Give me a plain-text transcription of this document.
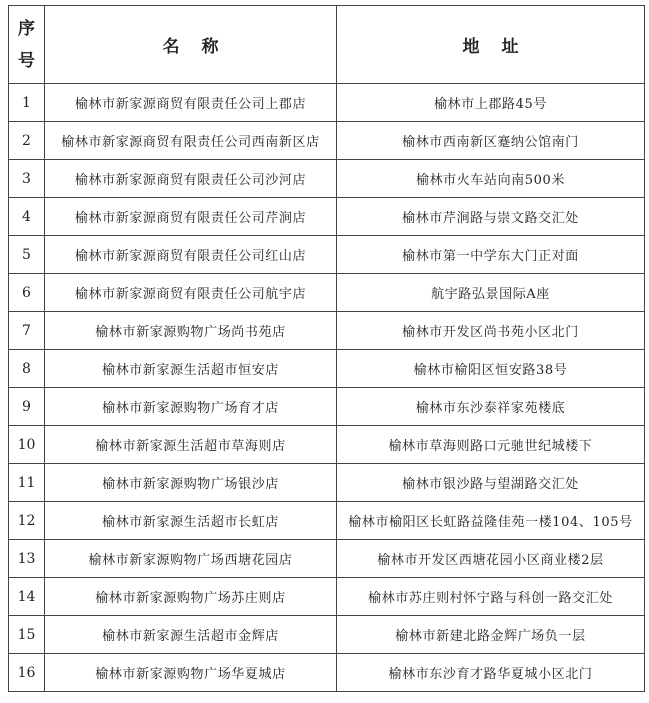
序
号	名称	地址
1	榆林市新家源商贸有限责任公司上郡店	榆林市上郡路45号
2	榆林市新家源商贸有限责任公司西南新区店	榆林市西南新区蹇纳公馆南门
3	榆林市新家源商贸有限责任公司沙河店	榆林市火车站向南500米
4	榆林市新家源商贸有限责任公司芹涧店	榆林市芹涧路与崇文路交汇处
5	榆林市新家源商贸有限责任公司红山店	榆林市第一中学东大门正对面
6	榆林市新家源商贸有限责任公司航宇店	航宇路弘景国际A座
7	榆林市新家源购物广场尚书苑店	榆林市开发区尚书苑小区北门
8	榆林市新家源生活超市恒安店	榆林市榆阳区恒安路38号
9	榆林市新家源购物广场育才店	榆林市东沙泰祥家苑楼底
10	榆林市新家源生活超市草海则店	榆林市草海则路口元驰世纪城楼下
11	榆林市新家源购物广场银沙店	榆林市银沙路与望湖路交汇处
12	榆林市新家源生活超市长虹店	榆林市榆阳区长虹路益隆佳苑一楼104、105号
13	榆林市新家源购物广场西塘花园店	榆林市开发区西塘花园小区商业楼2层
14	榆林市新家源购物广场苏庄则店	榆林市苏庄则村怀宁路与科创一路交汇处
15	榆林市新家源生活超市金辉店	榆林市新建北路金辉广场负一层
16	榆林市新家源购物广场华夏城店	榆林市东沙育才路华夏城小区北门
